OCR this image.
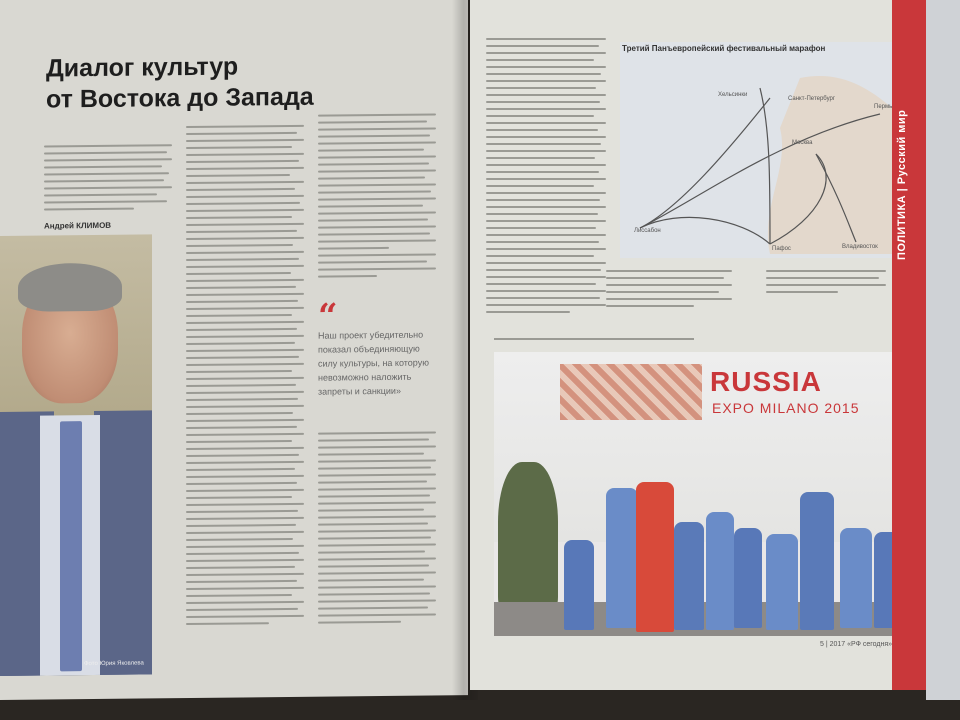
Диалог культур
от Востока до Запада
Андрей КЛИМОВ
“
Наш проект убедительно показал объединяющую силу культуры, на которую невозможно наложить запреты и санкции»
Фото Юрия Яковлева
Третий Панъевропейский фестивальный марафон
Лиссабон
Пафос
Москва
Санкт-Петербург
Пермь
Владивосток
Хельсинки
RUSSIA
EXPO MILANO 2015
5 | 2017 «РФ сегодня»
ПОЛИТИКА | Русский мир
